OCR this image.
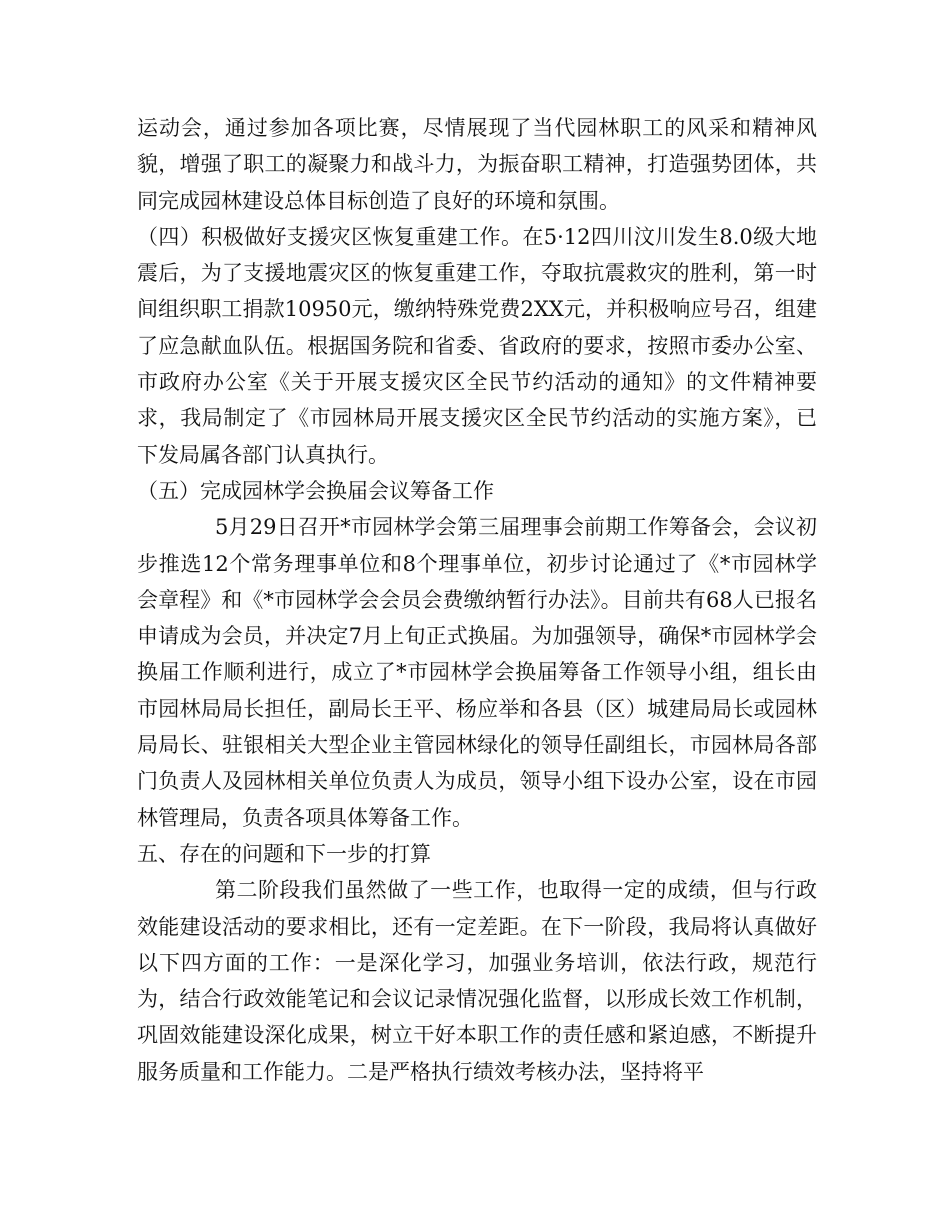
运动会，通过参加各项比赛，尽情展现了当代园林职工的风采和精神风貌，增强了职工的凝聚力和战斗力，为振奋职工精神，打造强势团体，共同完成园林建设总体目标创造了良好的环境和氛围。

（四）积极做好支援灾区恢复重建工作。在5·12四川汶川发生8.0级大地震后，为了支援地震灾区的恢复重建工作，夺取抗震救灾的胜利，第一时间组织职工捐款10950元，缴纳特殊党费2XX元，并积极响应号召，组建了应急献血队伍。根据国务院和省委、省政府的要求，按照市委办公室、市政府办公室《关于开展支援灾区全民节约活动的通知》的文件精神要求，我局制定了《市园林局开展支援灾区全民节约活动的实施方案》，已下发局属各部门认真执行。

（五）完成园林学会换届会议筹备工作

5月29日召开*市园林学会第三届理事会前期工作筹备会，会议初步推选12个常务理事单位和8个理事单位，初步讨论通过了《*市园林学会章程》和《*市园林学会会员会费缴纳暂行办法》。目前共有68人已报名申请成为会员，并决定7月上旬正式换届。为加强领导，确保*市园林学会换届工作顺利进行，成立了*市园林学会换届筹备工作领导小组，组长由市园林局局长担任，副局长王平、杨应举和各县（区）城建局局长或园林局局长、驻银相关大型企业主管园林绿化的领导任副组长，市园林局各部门负责人及园林相关单位负责人为成员，领导小组下设办公室，设在市园林管理局，负责各项具体筹备工作。

五、存在的问题和下一步的打算

第二阶段我们虽然做了一些工作，也取得一定的成绩，但与行政效能建设活动的要求相比，还有一定差距。在下一阶段，我局将认真做好以下四方面的工作：一是深化学习，加强业务培训，依法行政，规范行为，结合行政效能笔记和会议记录情况强化监督，以形成长效工作机制，巩固效能建设深化成果，树立干好本职工作的责任感和紧迫感，不断提升服务质量和工作能力。二是严格执行绩效考核办法，坚持将平
